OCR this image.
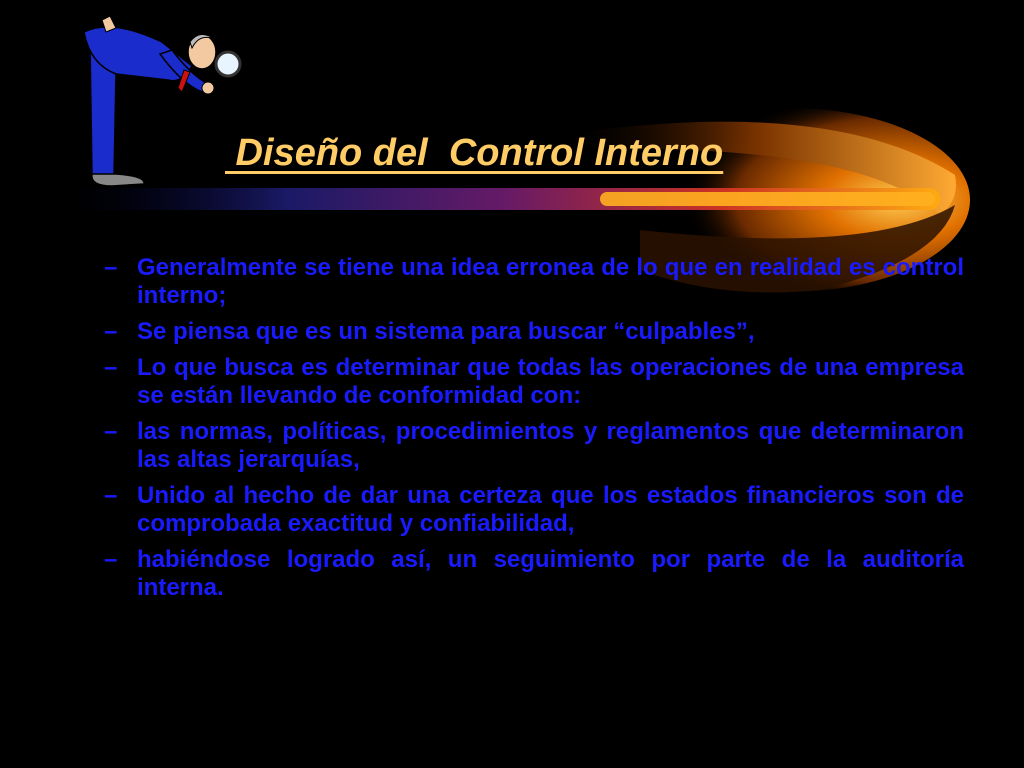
Diseño del  Control Interno
– Generalmente se tiene una idea erronea de lo que en realidad es control interno;
– Se piensa que es un sistema para buscar “culpables”,
– Lo que busca es determinar que todas las operaciones de una empresa se están llevando de conformidad con:
– las normas, políticas, procedimientos y reglamentos que determinaron las altas jerarquías,
– Unido al hecho de dar una certeza que los estados financieros son de comprobada exactitud y confiabilidad,
– habiéndose logrado así, un seguimiento por parte de la auditoría interna.
